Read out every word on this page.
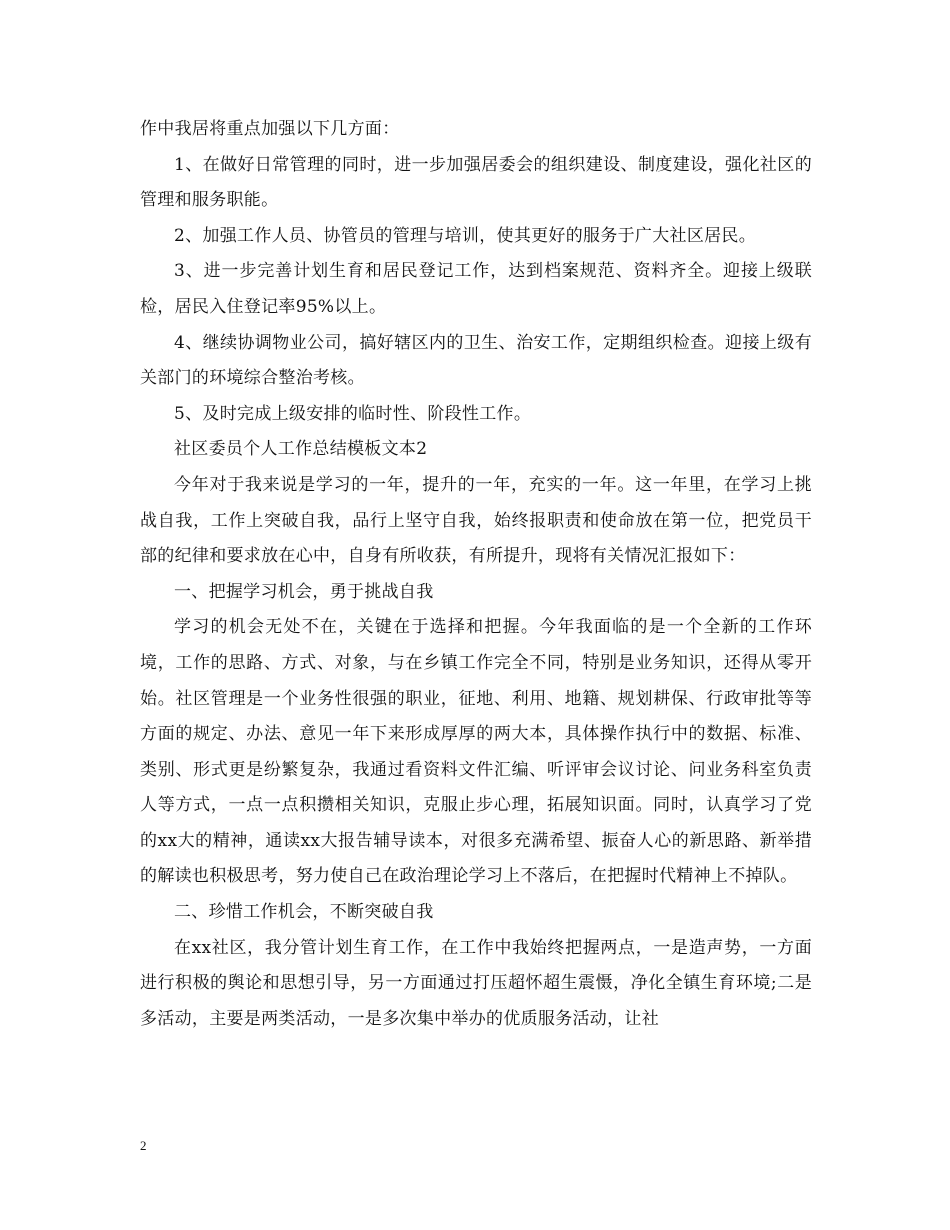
作中我居将重点加强以下几方面：

1、在做好日常管理的同时，进一步加强居委会的组织建设、制度建设，强化社区的管理和服务职能。

2、加强工作人员、协管员的管理与培训，使其更好的服务于广大社区居民。

3、进一步完善计划生育和居民登记工作，达到档案规范、资料齐全。迎接上级联检，居民入住登记率95%以上。

4、继续协调物业公司，搞好辖区内的卫生、治安工作，定期组织检查。迎接上级有关部门的环境综合整治考核。

5、及时完成上级安排的临时性、阶段性工作。

社区委员个人工作总结模板文本2

今年对于我来说是学习的一年，提升的一年，充实的一年。这一年里，在学习上挑战自我，工作上突破自我，品行上坚守自我，始终报职责和使命放在第一位，把党员干部的纪律和要求放在心中，自身有所收获，有所提升，现将有关情况汇报如下：

一、把握学习机会，勇于挑战自我

学习的机会无处不在，关键在于选择和把握。今年我面临的是一个全新的工作环境，工作的思路、方式、对象，与在乡镇工作完全不同，特别是业务知识，还得从零开始。社区管理是一个业务性很强的职业，征地、利用、地籍、规划耕保、行政审批等等方面的规定、办法、意见一年下来形成厚厚的两大本，具体操作执行中的数据、标准、类别、形式更是纷繁复杂，我通过看资料文件汇编、听评审会议讨论、问业务科室负责人等方式，一点一点积攒相关知识，克服止步心理，拓展知识面。同时，认真学习了党的xx大的精神，通读xx大报告辅导读本，对很多充满希望、振奋人心的新思路、新举措的解读也积极思考，努力使自己在政治理论学习上不落后，在把握时代精神上不掉队。

二、珍惜工作机会，不断突破自我

在xx社区，我分管计划生育工作，在工作中我始终把握两点，一是造声势，一方面进行积极的舆论和思想引导，另一方面通过打压超怀超生震慑，净化全镇生育环境;二是多活动，主要是两类活动，一是多次集中举办的优质服务活动，让社

2
